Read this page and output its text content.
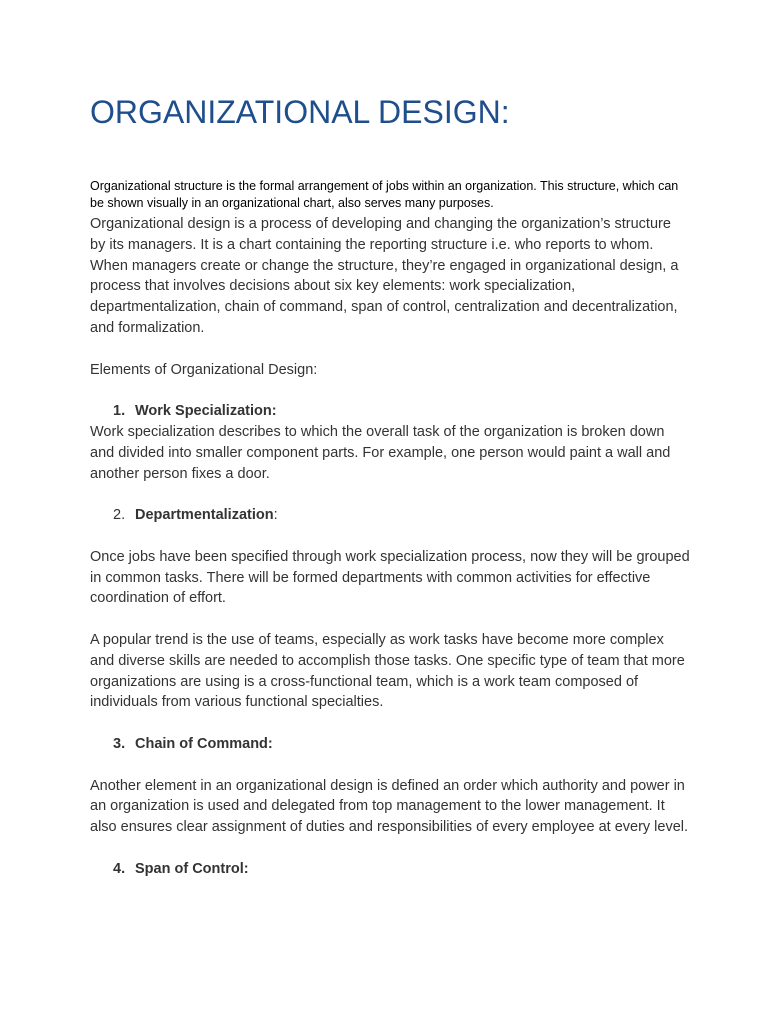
ORGANIZATIONAL DESIGN:

Organizational structure is the formal arrangement of jobs within an organization. This structure, which can be shown visually in an organizational chart, also serves many purposes.

Organizational design is a process of developing and changing the organization’s structure by its managers. It is a chart containing the reporting structure i.e. who reports to whom. When managers create or change the structure, they’re engaged in organizational design, a process that involves decisions about six key elements: work specialization, departmentalization, chain of command, span of control, centralization and decentralization, and formalization.

Elements of Organizational Design:

1. Work Specialization:

Work specialization describes to which the overall task of the organization is broken down and divided into smaller component parts. For example, one person would paint a wall and another person fixes a door.

2. Departmentalization:

Once jobs have been specified through work specialization process, now they will be grouped in common tasks. There will be formed departments with common activities for effective coordination of effort.

A popular trend is the use of teams, especially as work tasks have become more complex and diverse skills are needed to accomplish those tasks. One specific type of team that more organizations are using is a cross-functional team, which is a work team composed of individuals from various functional specialties.

3. Chain of Command:

Another element in an organizational design is defined an order which authority and power in an organization is used and delegated from top management to the lower management. It also ensures clear assignment of duties and responsibilities of every employee at every level.

4. Span of Control:
